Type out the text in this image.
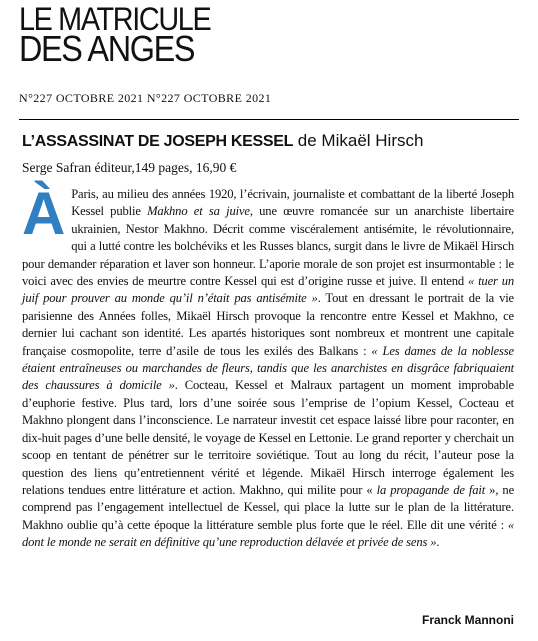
LE MATRICULE
DES ANGES
N°227 OCTOBRE 2021 N°227 OCTOBRE 2021
L’ASSASSINAT DE JOSEPH KESSEL de Mikaël Hirsch
Serge Safran éditeur,149 pages, 16,90 €
À Paris, au milieu des années 1920, l’écrivain, journaliste et combattant de la liberté Joseph Kessel publie Makhno et sa juive, une œuvre romancée sur un anarchiste libertaire ukrainien, Nestor Makhno. Décrit comme viscéralement antisémite, le révolutionnaire, qui a lutté contre les bolchéviks et les Russes blancs, surgit dans le livre de Mikaël Hirsch pour demander réparation et laver son honneur. L’aporie morale de son projet est insurmontable : le voici avec des envies de meurtre contre Kessel qui est d’origine russe et juive. Il entend « tuer un juif pour prouver au monde qu’il n’était pas antisémite ». Tout en dressant le portrait de la vie parisienne des Années folles, Mikaël Hirsch provoque la rencontre entre Kessel et Makhno, ce dernier lui cachant son identité. Les apartés historiques sont nombreux et montrent une capitale française cosmopolite, terre d’asile de tous les exilés des Balkans : « Les dames de la noblesse étaient entraîneuses ou marchandes de fleurs, tandis que les anarchistes en disgrâce fabriquaient des chaussures à domicile ». Cocteau, Kessel et Malraux partagent un moment improbable d’euphorie festive. Plus tard, lors d’une soirée sous l’emprise de l’opium Kessel, Cocteau et Makhno plongent dans l’inconscience. Le narrateur investit cet espace laissé libre pour raconter, en dix-huit pages d’une belle densité, le voyage de Kessel en Lettonie. Le grand reporter y cherchait un scoop en tentant de pénétrer sur le territoire soviétique. Tout au long du récit, l’auteur pose la question des liens qu’entretiennent vérité et légende. Mikaël Hirsch interroge également les relations tendues entre littérature et action. Makhno, qui milite pour « la propagande de fait », ne comprend pas l’engagement intellectuel de Kessel, qui place la lutte sur le plan de la littérature. Makhno oublie qu’à cette époque la littérature semble plus forte que le réel. Elle dit une vérité : « dont le monde ne serait en définitive qu’une reproduction délavée et privée de sens ».
Franck Mannoni
